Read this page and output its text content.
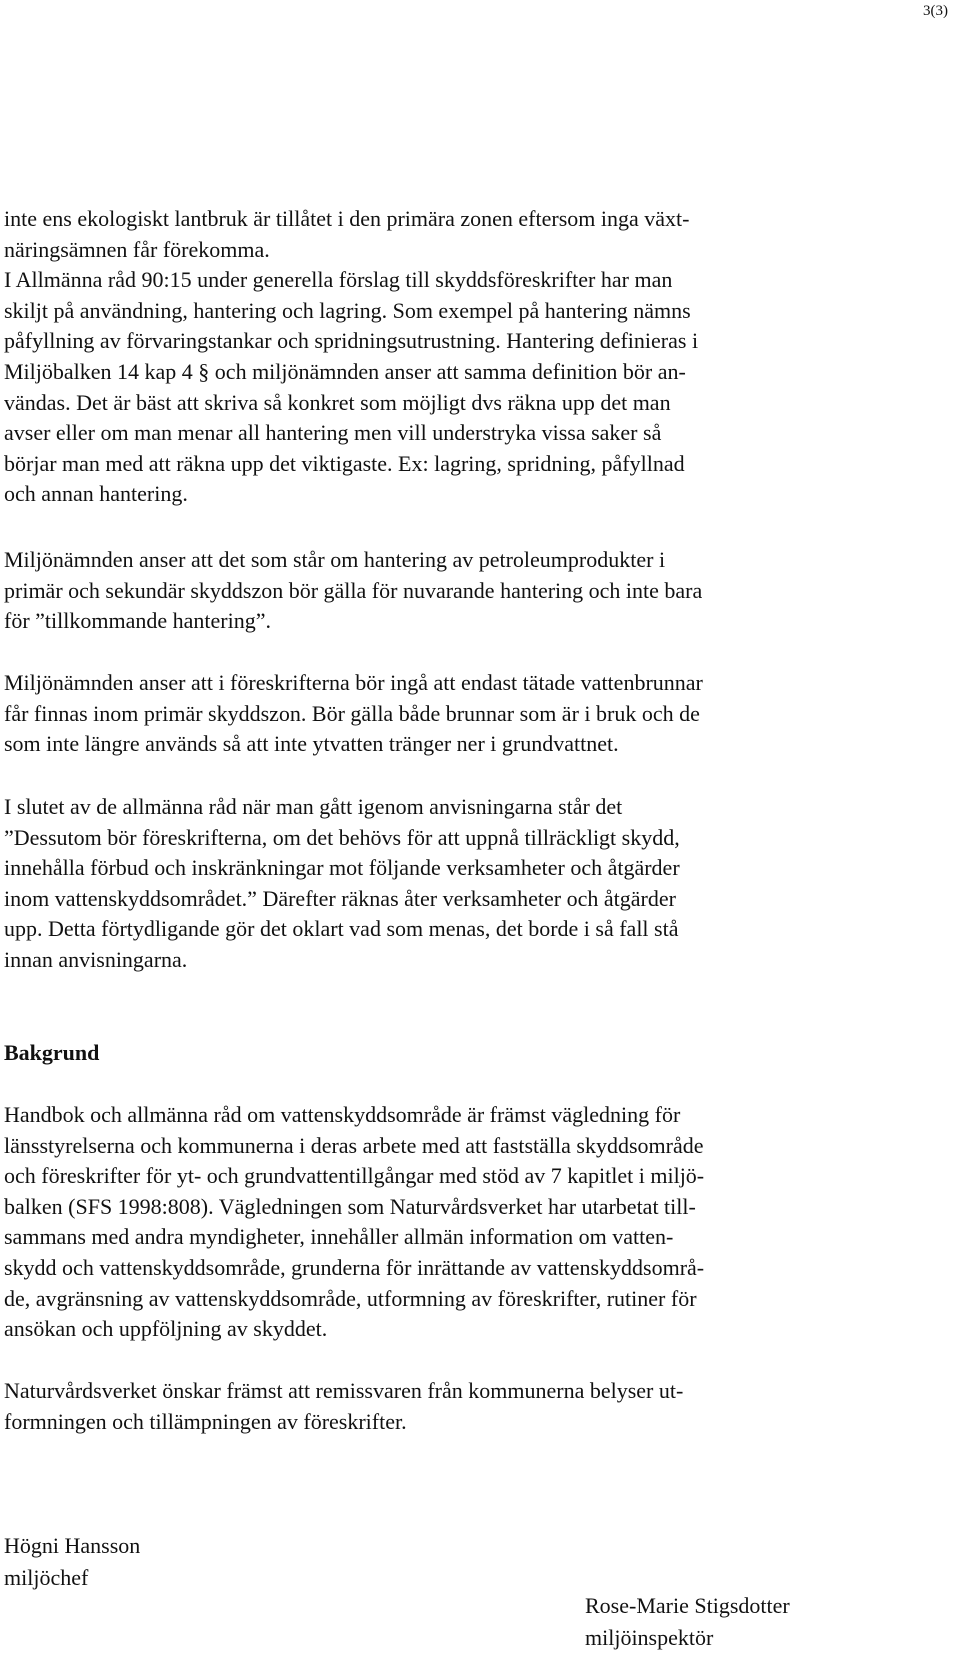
3(3)
inte ens ekologiskt lantbruk är tillåtet i den primära zonen eftersom inga växt-
näringsämnen får förekomma.
I Allmänna råd 90:15 under generella förslag till skyddsföreskrifter har man
skiljt på användning, hantering och lagring. Som exempel på hantering nämns
påfyllning av förvaringstankar och spridningsutrustning. Hantering definieras i
Miljöbalken 14 kap 4 § och miljönämnden anser att samma definition bör an-
vändas. Det är bäst att skriva så konkret som möjligt dvs räkna upp det man
avser eller om man menar all hantering men vill understryka vissa saker så
börjar man med att räkna upp det viktigaste. Ex: lagring, spridning, påfyllnad
och annan hantering.
Miljönämnden anser att det som står om hantering av petroleumprodukter i
primär och sekundär skyddszon bör gälla för nuvarande hantering och inte bara
för ”tillkommande hantering”.
Miljönämnden anser att i föreskrifterna bör ingå att endast tätade vattenbrunnar
får finnas inom primär skyddszon. Bör gälla både brunnar som är i bruk och de
som inte längre används så att inte ytvatten tränger ner i grundvattnet.
I slutet av de allmänna råd när man gått igenom anvisningarna står det
”Dessutom bör föreskrifterna, om det behövs för att uppnå tillräckligt skydd,
innehålla förbud och inskränkningar mot följande verksamheter och åtgärder
inom vattenskyddsområdet.” Därefter räknas åter verksamheter och åtgärder
upp. Detta förtydligande gör det oklart vad som menas, det borde i så fall stå
innan anvisningarna.
Bakgrund
Handbok och allmänna råd om vattenskyddsområde är främst vägledning för
länsstyrelserna och kommunerna i deras arbete med att fastställa skyddsområde
och föreskrifter för yt- och grundvattentillgångar med stöd av 7 kapitlet i miljö-
balken (SFS 1998:808). Vägledningen som Naturvårdsverket har utarbetat till-
sammans med andra myndigheter, innehåller allmän information om vatten-
skydd och vattenskyddsområde, grunderna för inrättande av vattenskyddsområ-
de, avgränsning av vattenskyddsområde, utformning av föreskrifter, rutiner för
ansökan och uppföljning av skyddet.
Naturvårdsverket önskar främst att remissvaren från kommunerna belyser ut-
formningen och tillämpningen av föreskrifter.
Högni Hansson
miljöchef
Rose-Marie Stigsdotter
miljöinspektör
